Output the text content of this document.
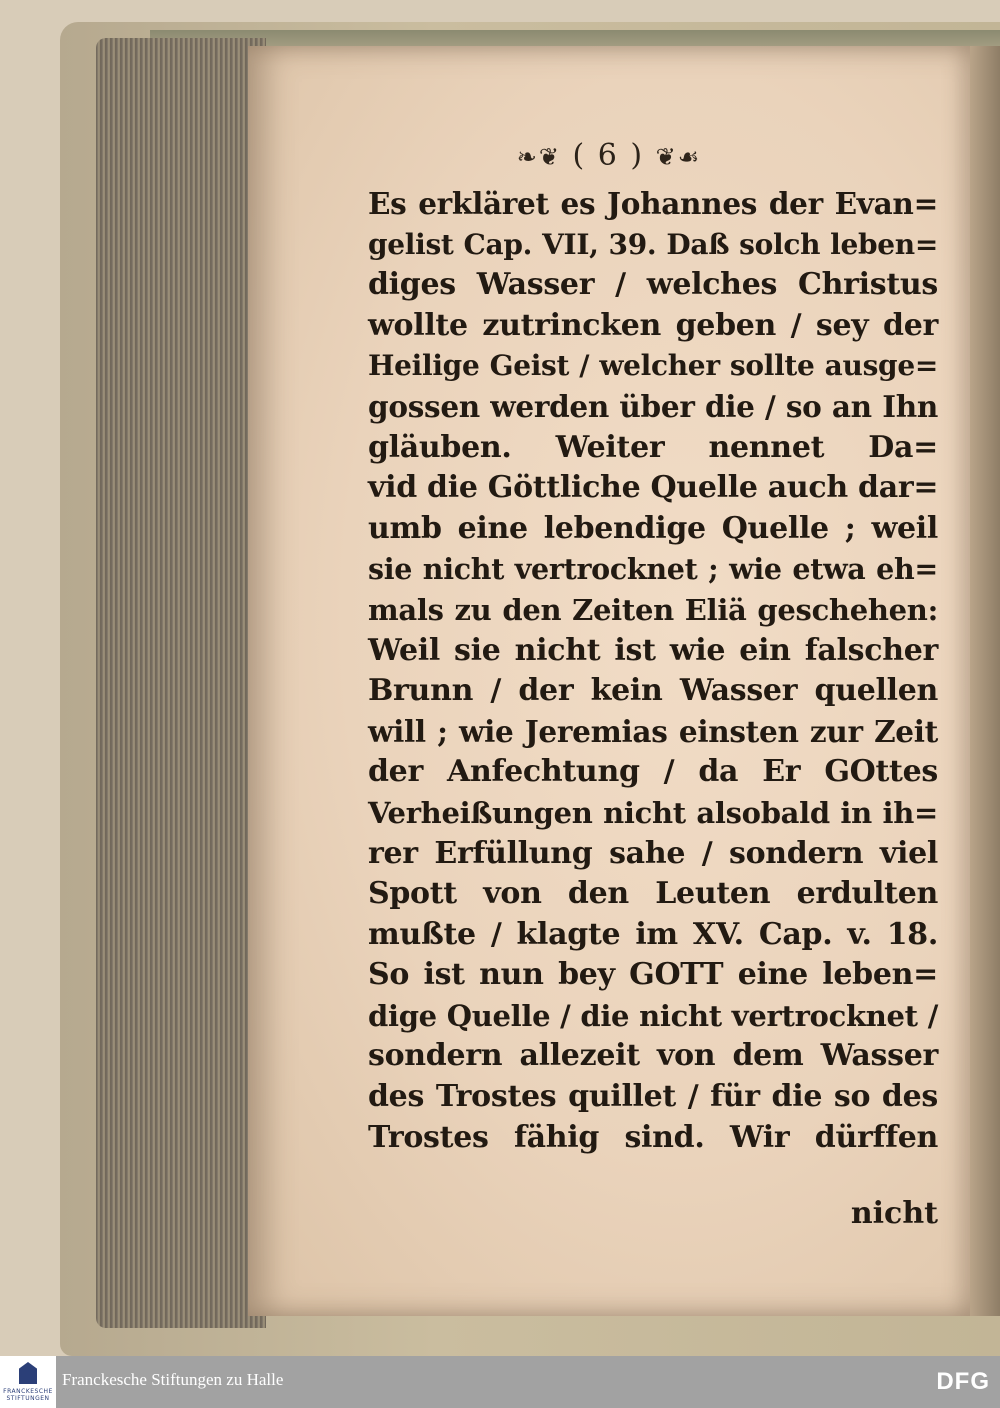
❧❦ ( 6 ) ❦☙
Es erkläret es Johannes der Evan=
gelist Cap. VII, 39. Daß solch leben=
diges Wasser / welches Christus
wollte zutrincken geben / sey der
Heilige Geist / welcher sollte ausge=
gossen werden über die / so an Ihn
gläuben. Weiter nennet Da=
vid die Göttliche Quelle auch dar=
umb eine lebendige Quelle ; weil
sie nicht vertrocknet ; wie etwa eh=
mals zu den Zeiten Eliä geschehen:
Weil sie nicht ist wie ein falscher
Brunn / der kein Wasser quellen
will ; wie Jeremias einsten zur Zeit
der Anfechtung / da Er GOttes
Verheißungen nicht alsobald in ih=
rer Erfüllung sahe / sondern viel
Spott von den Leuten erdulten
mußte / klagte im XV. Cap. v. 18.
So ist nun bey GOTT eine leben=
dige Quelle / die nicht vertrocknet /
sondern allezeit von dem Wasser
des Trostes quillet / für die so des
Trostes fähig sind. Wir dürffen
nicht
FRANCKESCHE STIFTUNGEN
Franckesche Stiftungen zu Halle	DFG
